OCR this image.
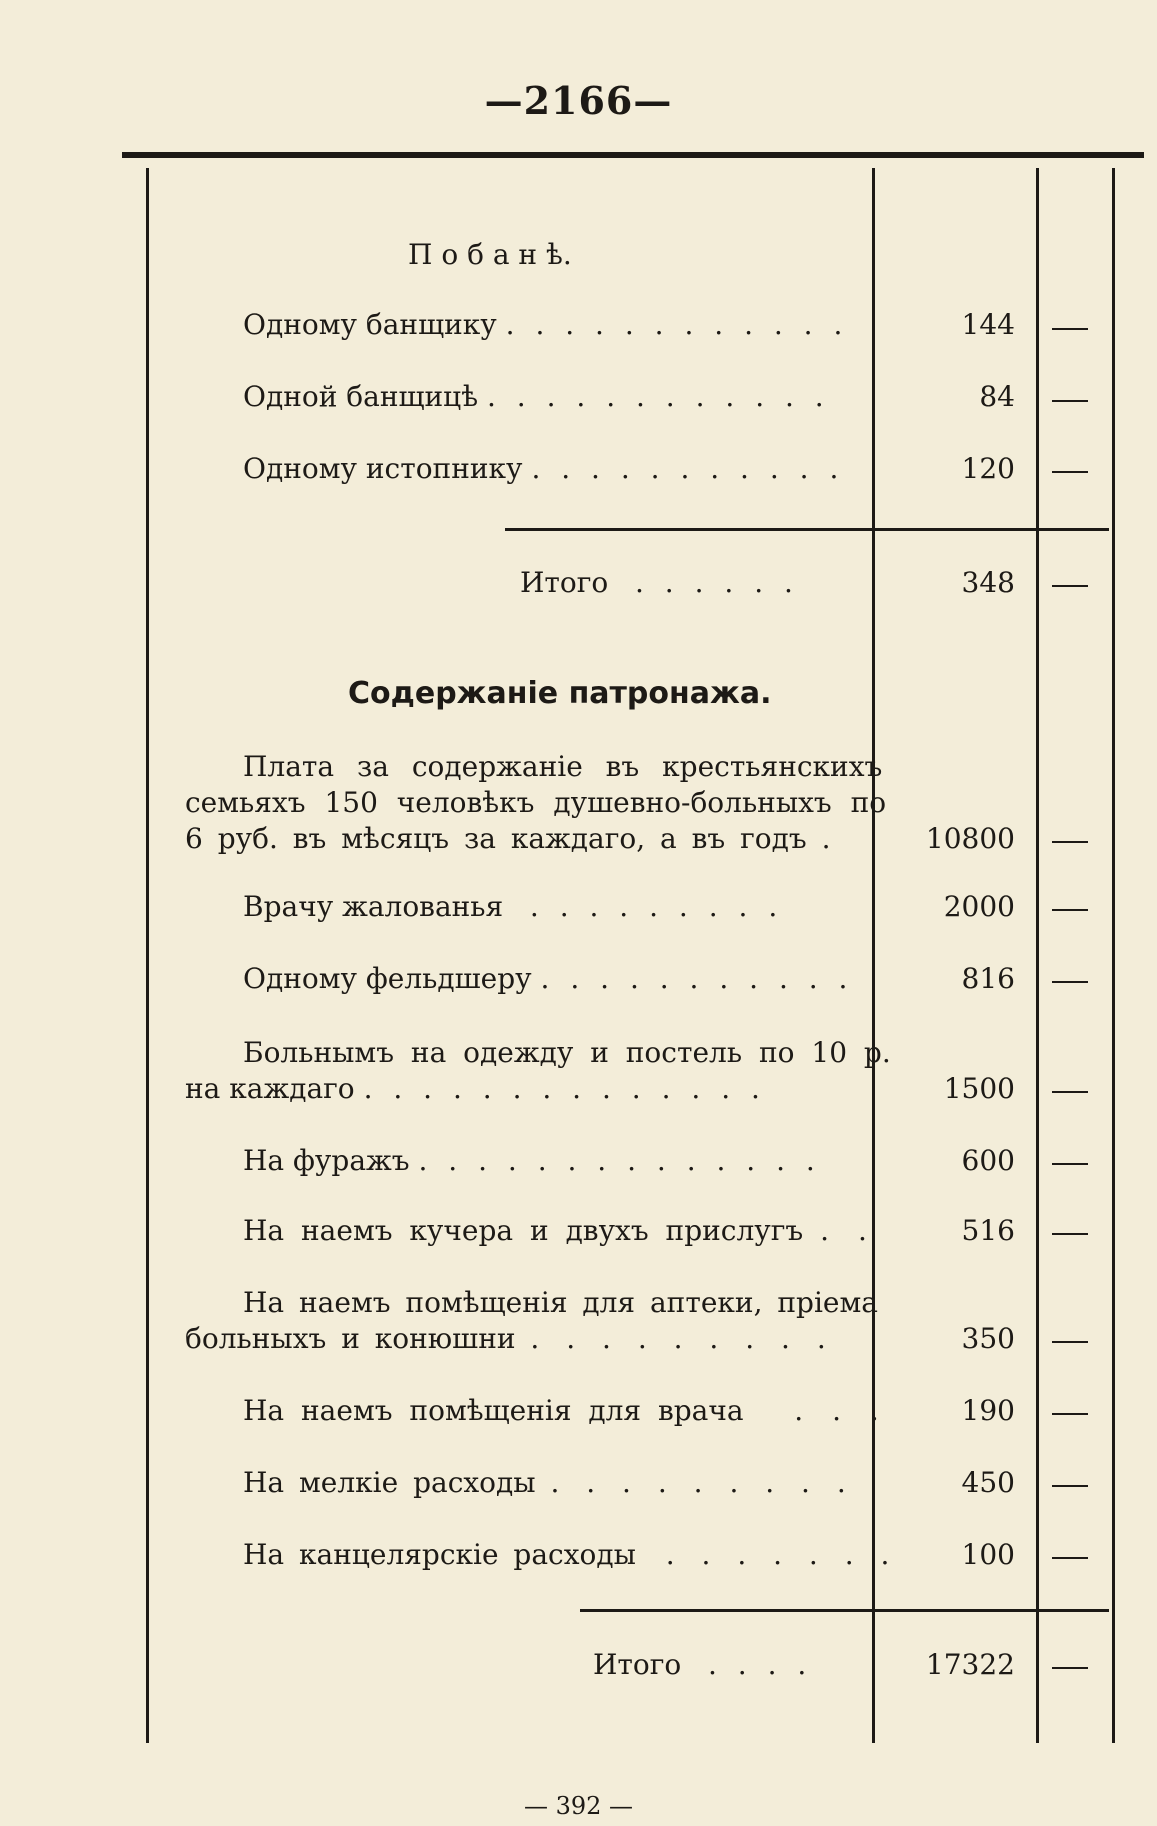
—2166—
П о б а н ѣ.
Одному банщику . . . . . . . . . . . .	144
Одной банщицѣ . . . . . . . . . . . .	84
Одному истопнику . . . . . . . . . . .	120
Итого . . . . . .	348
Содержаніе патронажа.
Плата за содержаніе въ крестьянскихъ
семьяхъ 150 человѣкъ душевно-больныхъ по
6 руб. въ мѣсяцъ за каждаго, а въ годъ .	10800
Врачу жалованья . . . . . . . . .	2000
Одному фельдшеру . . . . . . . . . . .	816
Больнымъ на одежду и постель по 10 р.
на каждаго . . . . . . . . . . . . . .	1500
На фуражъ . . . . . . . . . . . . . .	600
На наемъ кучера и двухъ прислугъ . .	516
На наемъ помѣщенія для аптеки, пріема
больныхъ и конюшни . . . . . . . . .	350
На наемъ помѣщенія для врача . . .	190
На мелкіе расходы . . . . . . . . .	450
На канцелярскіе расходы . . . . . . .	100
Итого . . . .	17322
— 392 —
